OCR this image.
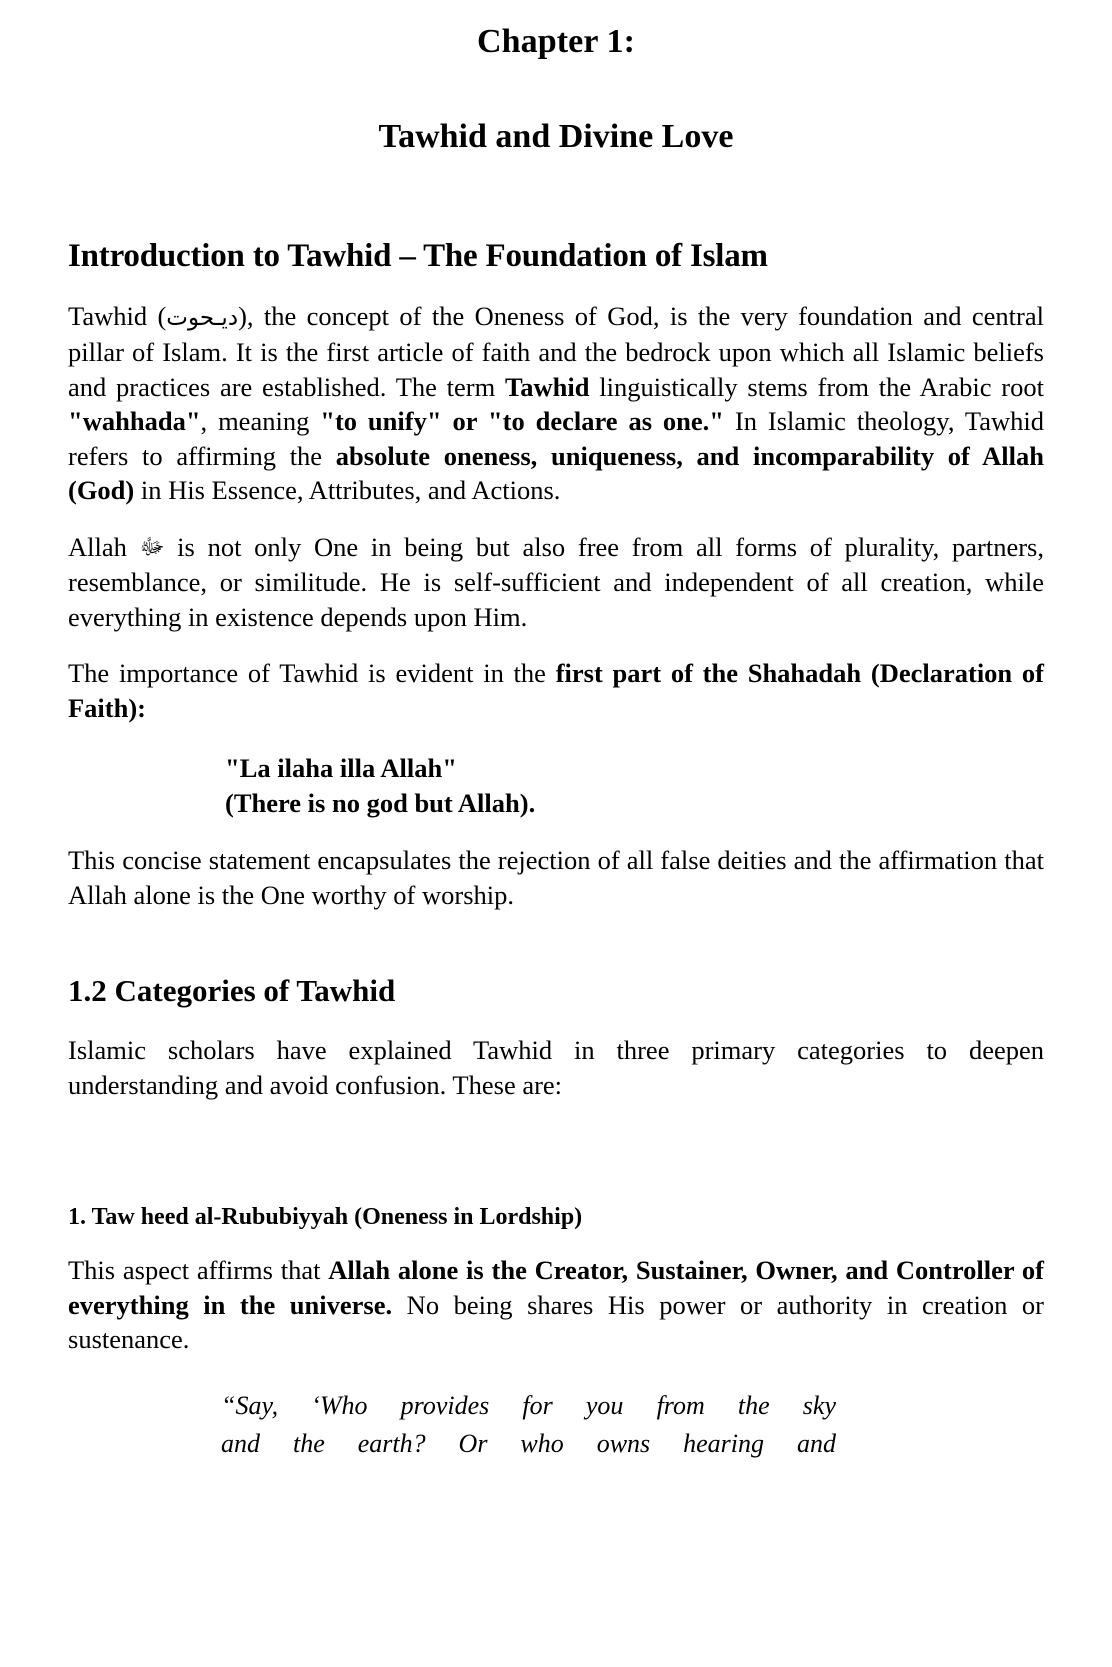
Chapter 1:
Tawhid and Divine Love
Introduction to Tawhid – The Foundation of Islam

Tawhid (ديـحوت), the concept of the Oneness of God, is the very foundation and central pillar of Islam. It is the first article of faith and the bedrock upon which all Islamic beliefs and practices are established. The term Tawhid linguistically stems from the Arabic root "wahhada", meaning "to unify" or "to declare as one." In Islamic theology, Tawhid refers to affirming the absolute oneness, uniqueness, and incomparability of Allah (God) in His Essence, Attributes, and Actions.

Allah ﷻ is not only One in being but also free from all forms of plurality, partners, resemblance, or similitude. He is self-sufficient and independent of all creation, while everything in existence depends upon Him.

The importance of Tawhid is evident in the first part of the Shahadah (Declaration of Faith):

"La ilaha illa Allah"
(There is no god but Allah).

This concise statement encapsulates the rejection of all false deities and the affirmation that Allah alone is the One worthy of worship.

1.2 Categories of Tawhid

Islamic scholars have explained Tawhid in three primary categories to deepen understanding and avoid confusion. These are:

1. Taw heed al-Rububiyyah (Oneness in Lordship)

This aspect affirms that Allah alone is the Creator, Sustainer, Owner, and Controller of everything in the universe. No being shares His power or authority in creation or sustenance.

“Say, ‘Who provides for you from the sky
and the earth? Or who owns hearing and
